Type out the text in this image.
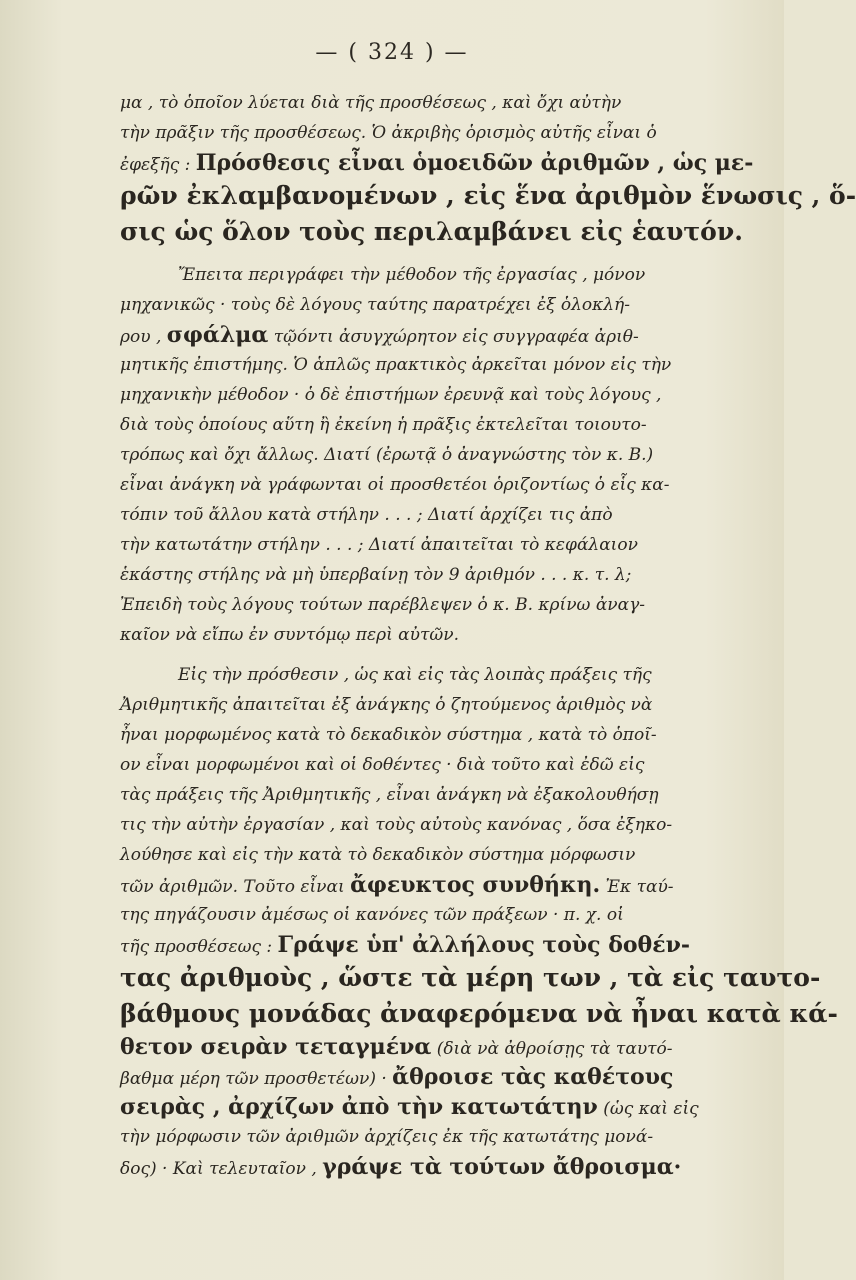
— ( 324 ) —
μα , τὸ ὁποῖον λύεται διὰ τῆς προσθέσεως , καὶ ὄχι αὐτὴν
τὴν πρᾶξιν τῆς προσθέσεως. Ὁ ἀκριβὴς ὁρισμὸς αὐτῆς εἶναι ὁ
ἐφεξῆς : Πρόσθεσις εἶναι ὁμοειδῶν ἀριθμῶν , ὡς με-
ρῶν ἐκλαμβανομένων , εἰς ἕνα ἀριθμὸν ἕνωσις , ὅ-
σις ὡς ὅλον τοὺς περιλαμβάνει εἰς ἑαυτόν.
Ἔπειτα περιγράφει τὴν μέθοδον τῆς ἐργασίας , μόνον
μηχανικῶς · τοὺς δὲ λόγους ταύτης παρατρέχει ἐξ ὁλοκλή-
ρου , σφάλμα τῷόντι ἀσυγχώρητον εἰς συγγραφέα ἀριθ-
μητικῆς ἐπιστήμης. Ὁ ἁπλῶς πρακτικὸς ἀρκεῖται μόνον εἰς τὴν
μηχανικὴν μέθοδον · ὁ δὲ ἐπιστήμων ἐρευνᾷ καὶ τοὺς λόγους ,
διὰ τοὺς ὁποίους αὕτη ἢ ἐκείνη ἡ πρᾶξις ἐκτελεῖται τοιουτο-
τρόπως καὶ ὄχι ἄλλως. Διατί (ἐρωτᾷ ὁ ἀναγνώστης τὸν κ. Β.)
εἶναι ἀνάγκη νὰ γράφωνται οἱ προσθετέοι ὁριζοντίως ὁ εἷς κα-
τόπιν τοῦ ἄλλου κατὰ στήλην . . . ; Διατί ἀρχίζει τις ἀπὸ
τὴν κατωτάτην στήλην . . . ; Διατί ἀπαιτεῖται τὸ κεφάλαιον
ἑκάστης στήλης νὰ μὴ ὑπερβαίνῃ τὸν 9 ἀριθμόν . . . κ. τ. λ;
Ἐπειδὴ τοὺς λόγους τούτων παρέβλεψεν ὁ κ. Β. κρίνω ἀναγ-
καῖον νὰ εἴπω ἐν συντόμῳ περὶ αὐτῶν.
Εἰς τὴν πρόσθεσιν , ὡς καὶ εἰς τὰς λοιπὰς πράξεις τῆς
Ἀριθμητικῆς ἀπαιτεῖται ἐξ ἀνάγκης ὁ ζητούμενος ἀριθμὸς νὰ
ἦναι μορφωμένος κατὰ τὸ δεκαδικὸν σύστημα , κατὰ τὸ ὁποῖ-
ον εἶναι μορφωμένοι καὶ οἱ δοθέντες · διὰ τοῦτο καὶ ἐδῶ εἰς
τὰς πράξεις τῆς Ἀριθμητικῆς , εἶναι ἀνάγκη νὰ ἐξακολουθήσῃ
τις τὴν αὐτὴν ἐργασίαν , καὶ τοὺς αὐτοὺς κανόνας , ὅσα ἐξηκο-
λούθησε καὶ εἰς τὴν κατὰ τὸ δεκαδικὸν σύστημα μόρφωσιν
τῶν ἀριθμῶν. Τοῦτο εἶναι ἄφευκτος συνθήκη. Ἐκ ταύ-
της πηγάζουσιν ἀμέσως οἱ κανόνες τῶν πράξεων · π. χ. οἱ
τῆς προσθέσεως : Γράψε ὑπ' ἀλλήλους τοὺς δοθέν-
τας ἀριθμοὺς , ὥστε τὰ μέρη των , τὰ εἰς ταυτο-
βάθμους μονάδας ἀναφερόμενα νὰ ἦναι κατὰ κά-
θετον σειρὰν τεταγμένα (διὰ νὰ ἀθροίσῃς τὰ ταυτό-
βαθμα μέρη τῶν προσθετέων) · ἄθροισε τὰς καθέτους
σειρὰς , ἀρχίζων ἀπὸ τὴν κατωτάτην (ὡς καὶ εἰς
τὴν μόρφωσιν τῶν ἀριθμῶν ἀρχίζεις ἐκ τῆς κατωτάτης μονά-
δος) · Καὶ τελευταῖον , γράψε τὰ τούτων ἄθροισμα·
